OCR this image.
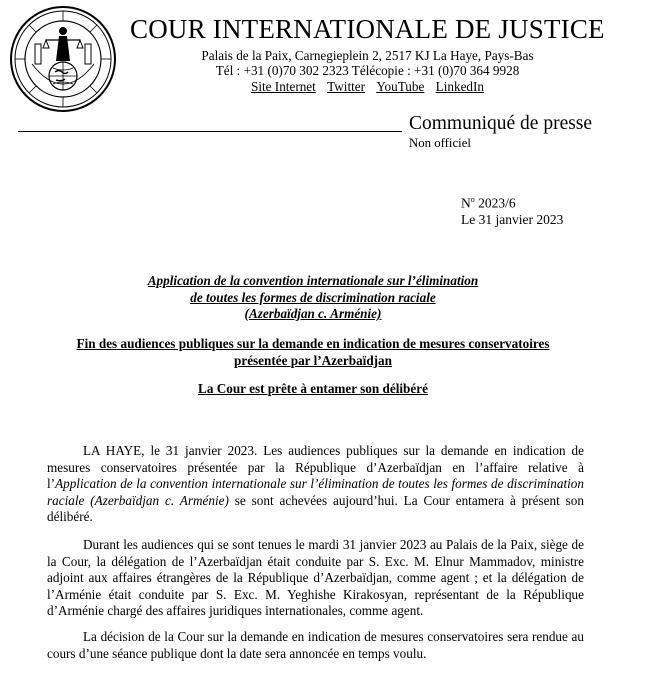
COUR INTERNATIONALE DE JUSTICE
Palais de la Paix, Carnegieplein 2, 2517 KJ La Haye, Pays-Bas
Tél : +31 (0)70 302 2323 Télécopie : +31 (0)70 364 9928
Site Internet Twitter YouTube LinkedIn
Communiqué de presse
Non officiel
$N^o$ 2023/6
Le 31 janvier 2023
Application de la convention internationale sur l’élimination
de toutes les formes de discrimination raciale
(Azerbaïdjan c. Arménie)
Fin des audiences publiques sur la demande en indication de mesures conservatoires
présentée par l’Azerbaïdjan
La Cour est prête à entamer son délibéré
LA HAYE, le 31 janvier 2023. Les audiences publiques sur la demande en indication de mesures conservatoires présentée par la République d’Azerbaïdjan en l’affaire relative à l’Application de la convention internationale sur l’élimination de toutes les formes de discrimination raciale (Azerbaïdjan c. Arménie) se sont achevées aujourd’hui. La Cour entamera à présent son délibéré.
Durant les audiences qui se sont tenues le mardi 31 janvier 2023 au Palais de la Paix, siège de la Cour, la délégation de l’Azerbaïdjan était conduite par S. Exc. M. Elnur Mammadov, ministre adjoint aux affaires étrangères de la République d’Azerbaïdjan, comme agent ; et la délégation de l’Arménie était conduite par S. Exc. M. Yeghishe Kirakosyan, représentant de la République d’Arménie chargé des affaires juridiques internationales, comme agent.
La décision de la Cour sur la demande en indication de mesures conservatoires sera rendue au cours d’une séance publique dont la date sera annoncée en temps voulu.
